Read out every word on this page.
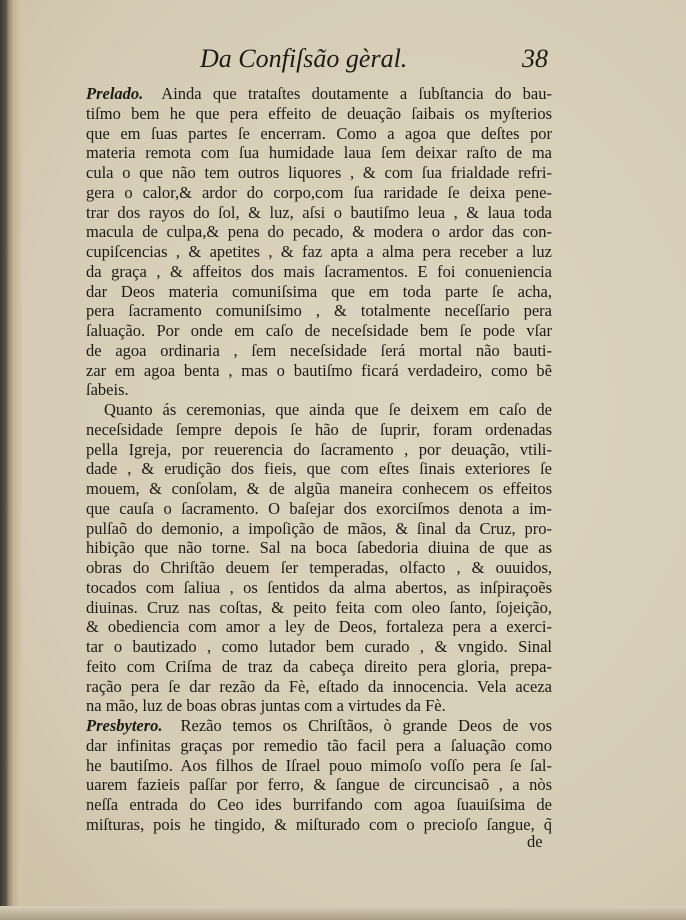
Da Confiſsão gèral.	38
Prelado. Ainda que trataſtes doutamente a ſubſtancia do bau-
tiſmo bem he que pera effeito de deuação ſaibais os myſterios
que em ſuas partes ſe encerram. Como a agoa que deſtes por
materia remota com ſua humidade laua ſem deixar raſto de ma
cula o que não tem outros liquores , & com ſua frialdade refri-
gera o calor,& ardor do corpo,com ſua raridade ſe deixa pene-
trar dos rayos do ſol, & luz, aſsi o bautiſmo leua , & laua toda
macula de culpa,& pena do pecado, & modera o ardor das con-
cupiſcencias , & apetites , & faz apta a alma pera receber a luz
da graça , & affeitos dos mais ſacramentos. E foi conueniencia
dar Deos materia comuniſsima que em toda parte ſe acha,
pera ſacramento comuniſsimo , & totalmente neceſſario pera
ſaluação. Por onde em caſo de neceſsidade bem ſe pode vſar
de agoa ordinaria , ſem neceſsidade ſerá mortal não bauti-
zar em agoa benta , mas o bautiſmo ficará verdadeiro, como bẽ
ſabeis.
Quanto ás ceremonias, que ainda que ſe deixem em caſo de
neceſsidade ſempre depois ſe hão de ſuprir, foram ordenadas
pella Igreja, por reuerencia do ſacramento , por deuação, vtili-
dade , & erudição dos fieis, que com eſtes ſinais exteriores ſe
mouem, & conſolam, & de algũa maneira conhecem os effeitos
que cauſa o ſacramento. O baſejar dos exorciſmos denota a im-
pulſaõ do demonio, a impoſição de mãos, & ſinal da Cruz, pro-
hibição que não torne. Sal na boca ſabedoria diuina de que as
obras do Chriſtão deuem ſer temperadas, olfacto , & ouuidos,
tocados com ſaliua , os ſentidos da alma abertos, as inſpiraçoẽs
diuinas. Cruz nas coſtas, & peito feita com oleo ſanto, ſojeição,
& obediencia com amor a ley de Deos, fortaleza pera a exerci-
tar o bautizado , como lutador bem curado , & vngido. Sinal
feito com Criſma de traz da cabeça direito pera gloria, prepa-
ração pera ſe dar rezão da Fè, eſtado da innocencia. Vela aceza
na mão, luz de boas obras juntas com a virtudes da Fè.
Presbytero. Rezão temos os Chriſtãos, ò grande Deos de vos
dar infinitas graças por remedio tão facil pera a ſaluação como
he bautiſmo. Aos filhos de Iſrael pouo mimoſo voſſo pera ſe ſal-
uarem fazieis paſſar por ferro, & ſangue de circuncisaõ , a nòs
neſſa entrada do Ceo ides burrifando com agoa ſuauiſsima de
miſturas, pois he tingido, & miſturado com o precioſo ſangue, q̃
de
